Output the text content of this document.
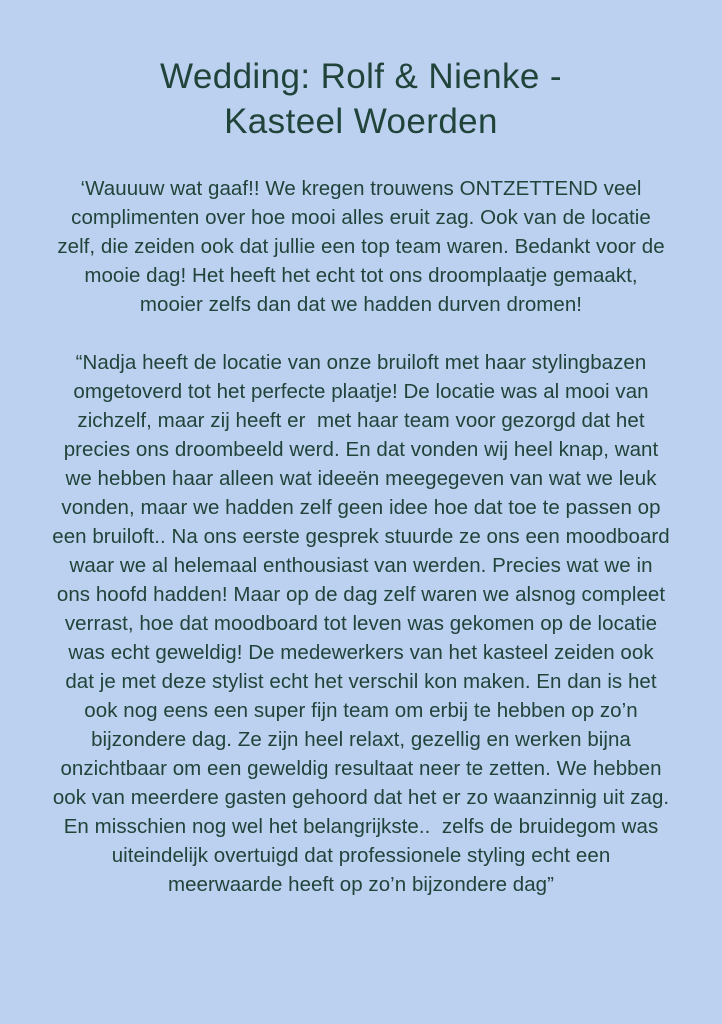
Wedding: Rolf & Nienke -
Kasteel Woerden

‘Wauuuw wat gaaf!! We kregen trouwens ONTZETTEND veel complimenten over hoe mooi alles eruit zag. Ook van de locatie zelf, die zeiden ook dat jullie een top team waren. Bedankt voor de mooie dag! Het heeft het echt tot ons droomplaatje gemaakt, mooier zelfs dan dat we hadden durven dromen!

“Nadja heeft de locatie van onze bruiloft met haar stylingbazen omgetoverd tot het perfecte plaatje! De locatie was al mooi van zichzelf, maar zij heeft er  met haar team voor gezorgd dat het precies ons droombeeld werd. En dat vonden wij heel knap, want we hebben haar alleen wat ideeën meegegeven van wat we leuk vonden, maar we hadden zelf geen idee hoe dat toe te passen op een bruiloft.. Na ons eerste gesprek stuurde ze ons een moodboard waar we al helemaal enthousiast van werden. Precies wat we in ons hoofd hadden! Maar op de dag zelf waren we alsnog compleet verrast, hoe dat moodboard tot leven was gekomen op de locatie was echt geweldig! De medewerkers van het kasteel zeiden ook dat je met deze stylist echt het verschil kon maken. En dan is het ook nog eens een super fijn team om erbij te hebben op zo’n bijzondere dag. Ze zijn heel relaxt, gezellig en werken bijna onzichtbaar om een geweldig resultaat neer te zetten. We hebben ook van meerdere gasten gehoord dat het er zo waanzinnig uit zag. En misschien nog wel het belangrijkste..  zelfs de bruidegom was uiteindelijk overtuigd dat professionele styling echt een meerwaarde heeft op zo’n bijzondere dag”
